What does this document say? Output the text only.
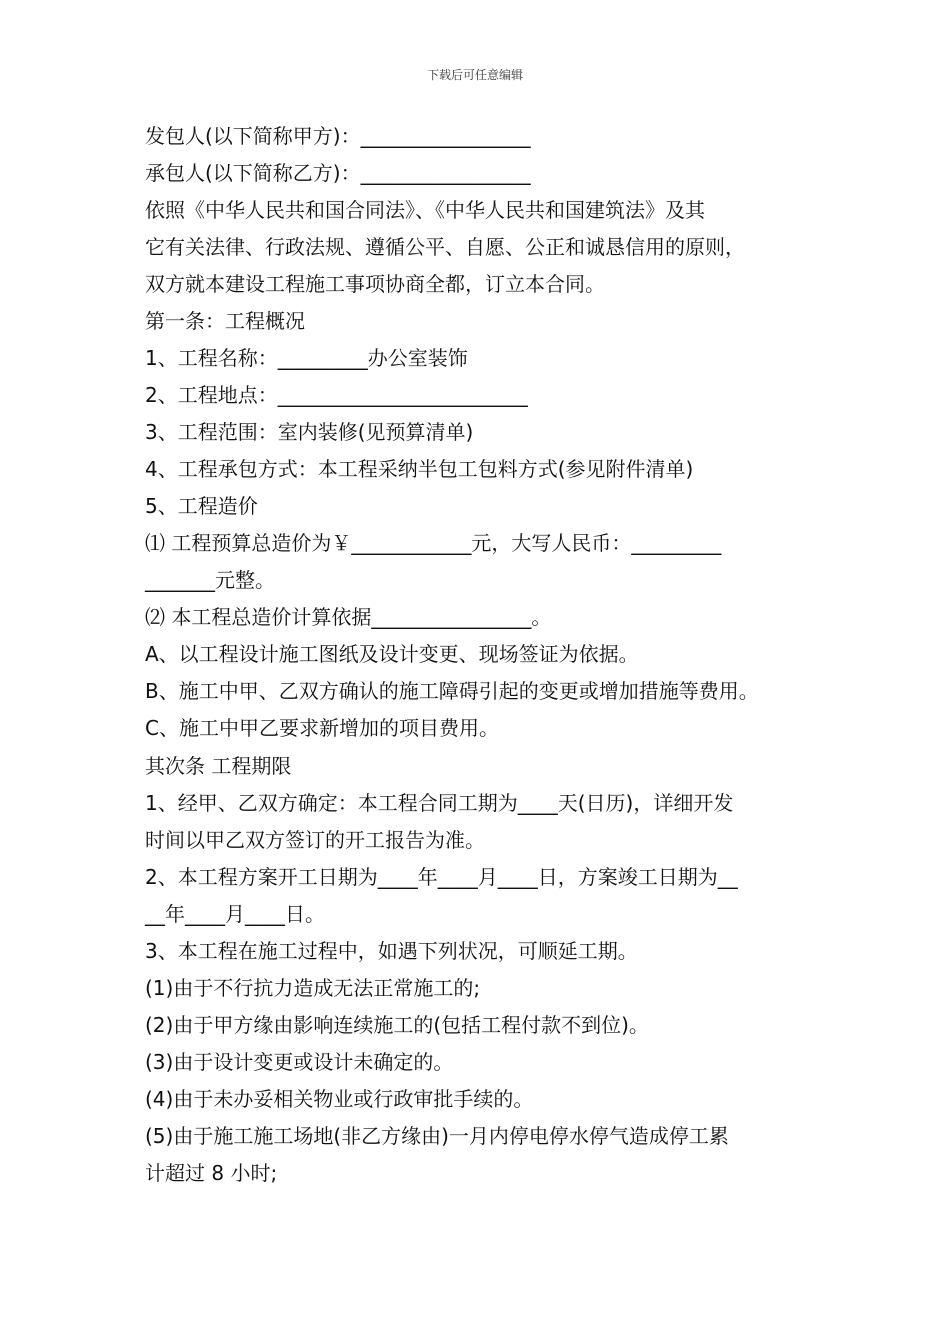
下载后可任意编辑
发包人(以下简称甲方)：_________________
承包人(以下简称乙方)：_________________
依照《中华人民共和国合同法》、《中华人民共和国建筑法》及其
它有关法律、行政法规、遵循公平、自愿、公正和诚恳信用的原则，
双方就本建设工程施工事项协商全都，订立本合同。
第一条：工程概况
1、工程名称：_________办公室装饰
2、工程地点：_________________________
3、工程范围：室内装修(见预算清单)
4、工程承包方式：本工程采纳半包工包料方式(参见附件清单)
5、工程造价
⑴ 工程预算总造价为￥____________元，大写人民币：_________
_______元整。
⑵ 本工程总造价计算依据________________。
A、以工程设计施工图纸及设计变更、现场签证为依据。
B、施工中甲、乙双方确认的施工障碍引起的变更或增加措施等费用。
C、施工中甲乙要求新增加的项目费用。
其次条 工程期限
1、经甲、乙双方确定：本工程合同工期为____天(日历)，详细开发
时间以甲乙双方签订的开工报告为准。
2、本工程方案开工日期为____年____月____日，方案竣工日期为__
__年____月____日。
3、本工程在施工过程中，如遇下列状况，可顺延工期。
(1)由于不行抗力造成无法正常施工的;
(2)由于甲方缘由影响连续施工的(包括工程付款不到位)。
(3)由于设计变更或设计未确定的。
(4)由于未办妥相关物业或行政审批手续的。
(5)由于施工施工场地(非乙方缘由)一月内停电停水停气造成停工累
计超过 8 小时;
